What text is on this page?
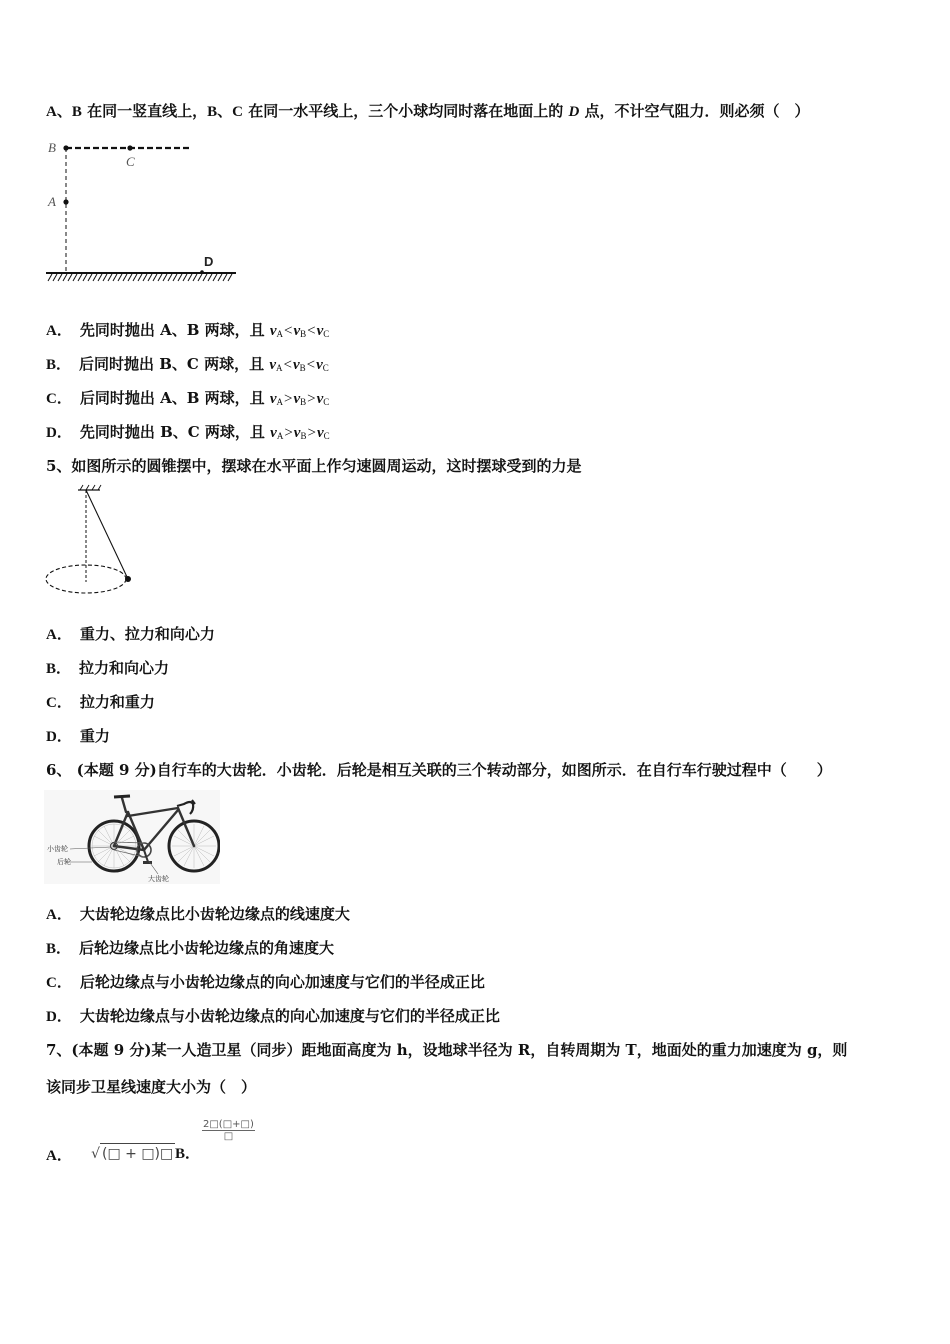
A、B 在同一竖直线上，B、C 在同一水平线上，三个小球均同时落在地面上的 D 点，不计空气阻力．则必须（　）
B
C
A
D
A． 先同时抛出 A、B 两球，且 $v_A<v_B<v_C$
B． 后同时抛出 B、C 两球，且 $v_A<v_B<v_C$
C． 后同时抛出 A、B 两球，且 $v_A>v_B>v_C$
D． 先同时抛出 B、C 两球，且 $v_A>v_B>v_C$
5、如图所示的圆锥摆中，摆球在水平面上作匀速圆周运动，这时摆球受到的力是
A． 重力、拉力和向心力
B． 拉力和向心力
C． 拉力和重力
D． 重力
6、 (本题 9 分)自行车的大齿轮．小齿轮．后轮是相互关联的三个转动部分，如图所示．在自行车行驶过程中（　　）
小齿轮
后轮
大齿轮
A． 大齿轮边缘点比小齿轮边缘点的线速度大
B． 后轮边缘点比小齿轮边缘点的角速度大
C． 后轮边缘点与小齿轮边缘点的向心加速度与它们的半径成正比
D． 大齿轮边缘点与小齿轮边缘点的向心加速度与它们的半径成正比
7、(本题 9 分)某一人造卫星（同步）距地面高度为 h，设地球半径为 R，自转周期为 T，地面处的重力加速度为 g，则
该同步卫星线速度大小为（　）
A． √ (□ + □)□ B．
2□(□+□)
□
